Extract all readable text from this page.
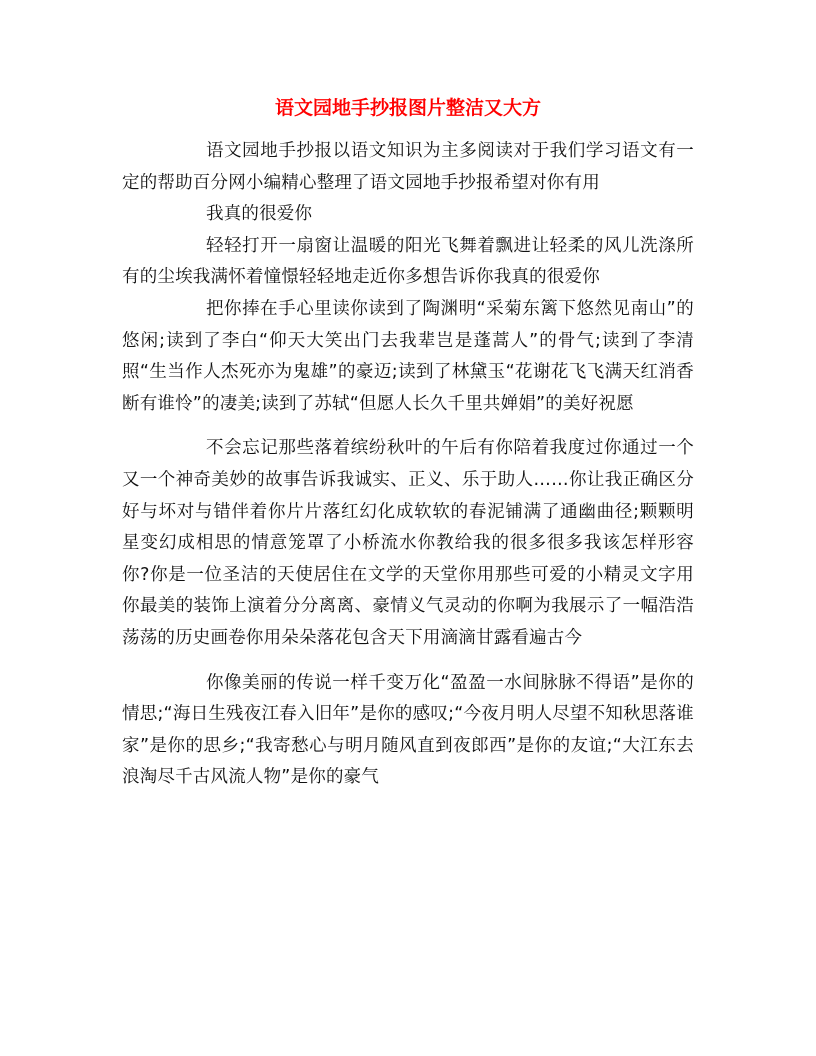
语文园地手抄报图片整洁又大方

语文园地手抄报以语文知识为主多阅读对于我们学习语文有一定的帮助百分网小编精心整理了语文园地手抄报希望对你有用

我真的很爱你

轻轻打开一扇窗让温暖的阳光飞舞着飘进让轻柔的风儿洗涤所有的尘埃我满怀着憧憬轻轻地走近你多想告诉你我真的很爱你

把你捧在手心里读你读到了陶渊明“采菊东篱下悠然见南山”的悠闲;读到了李白“仰天大笑出门去我辈岂是蓬蒿人”的骨气;读到了李清照“生当作人杰死亦为鬼雄”的豪迈;读到了林黛玉“花谢花飞飞满天红消香断有谁怜”的凄美;读到了苏轼“但愿人长久千里共婵娟”的美好祝愿

不会忘记那些落着缤纷秋叶的午后有你陪着我度过你通过一个又一个神奇美妙的故事告诉我诚实、正义、乐于助人……你让我正确区分好与坏对与错伴着你片片落红幻化成软软的春泥铺满了通幽曲径;颗颗明星变幻成相思的情意笼罩了小桥流水你教给我的很多很多我该怎样形容你?你是一位圣洁的天使居住在文学的天堂你用那些可爱的小精灵文字用你最美的装饰上演着分分离离、豪情义气灵动的你啊为我展示了一幅浩浩荡荡的历史画卷你用朵朵落花包含天下用滴滴甘露看遍古今

你像美丽的传说一样千变万化“盈盈一水间脉脉不得语”是你的情思;“海日生残夜江春入旧年”是你的感叹;“今夜月明人尽望不知秋思落谁家”是你的思乡;“我寄愁心与明月随风直到夜郎西”是你的友谊;“大江东去浪淘尽千古风流人物”是你的豪气
